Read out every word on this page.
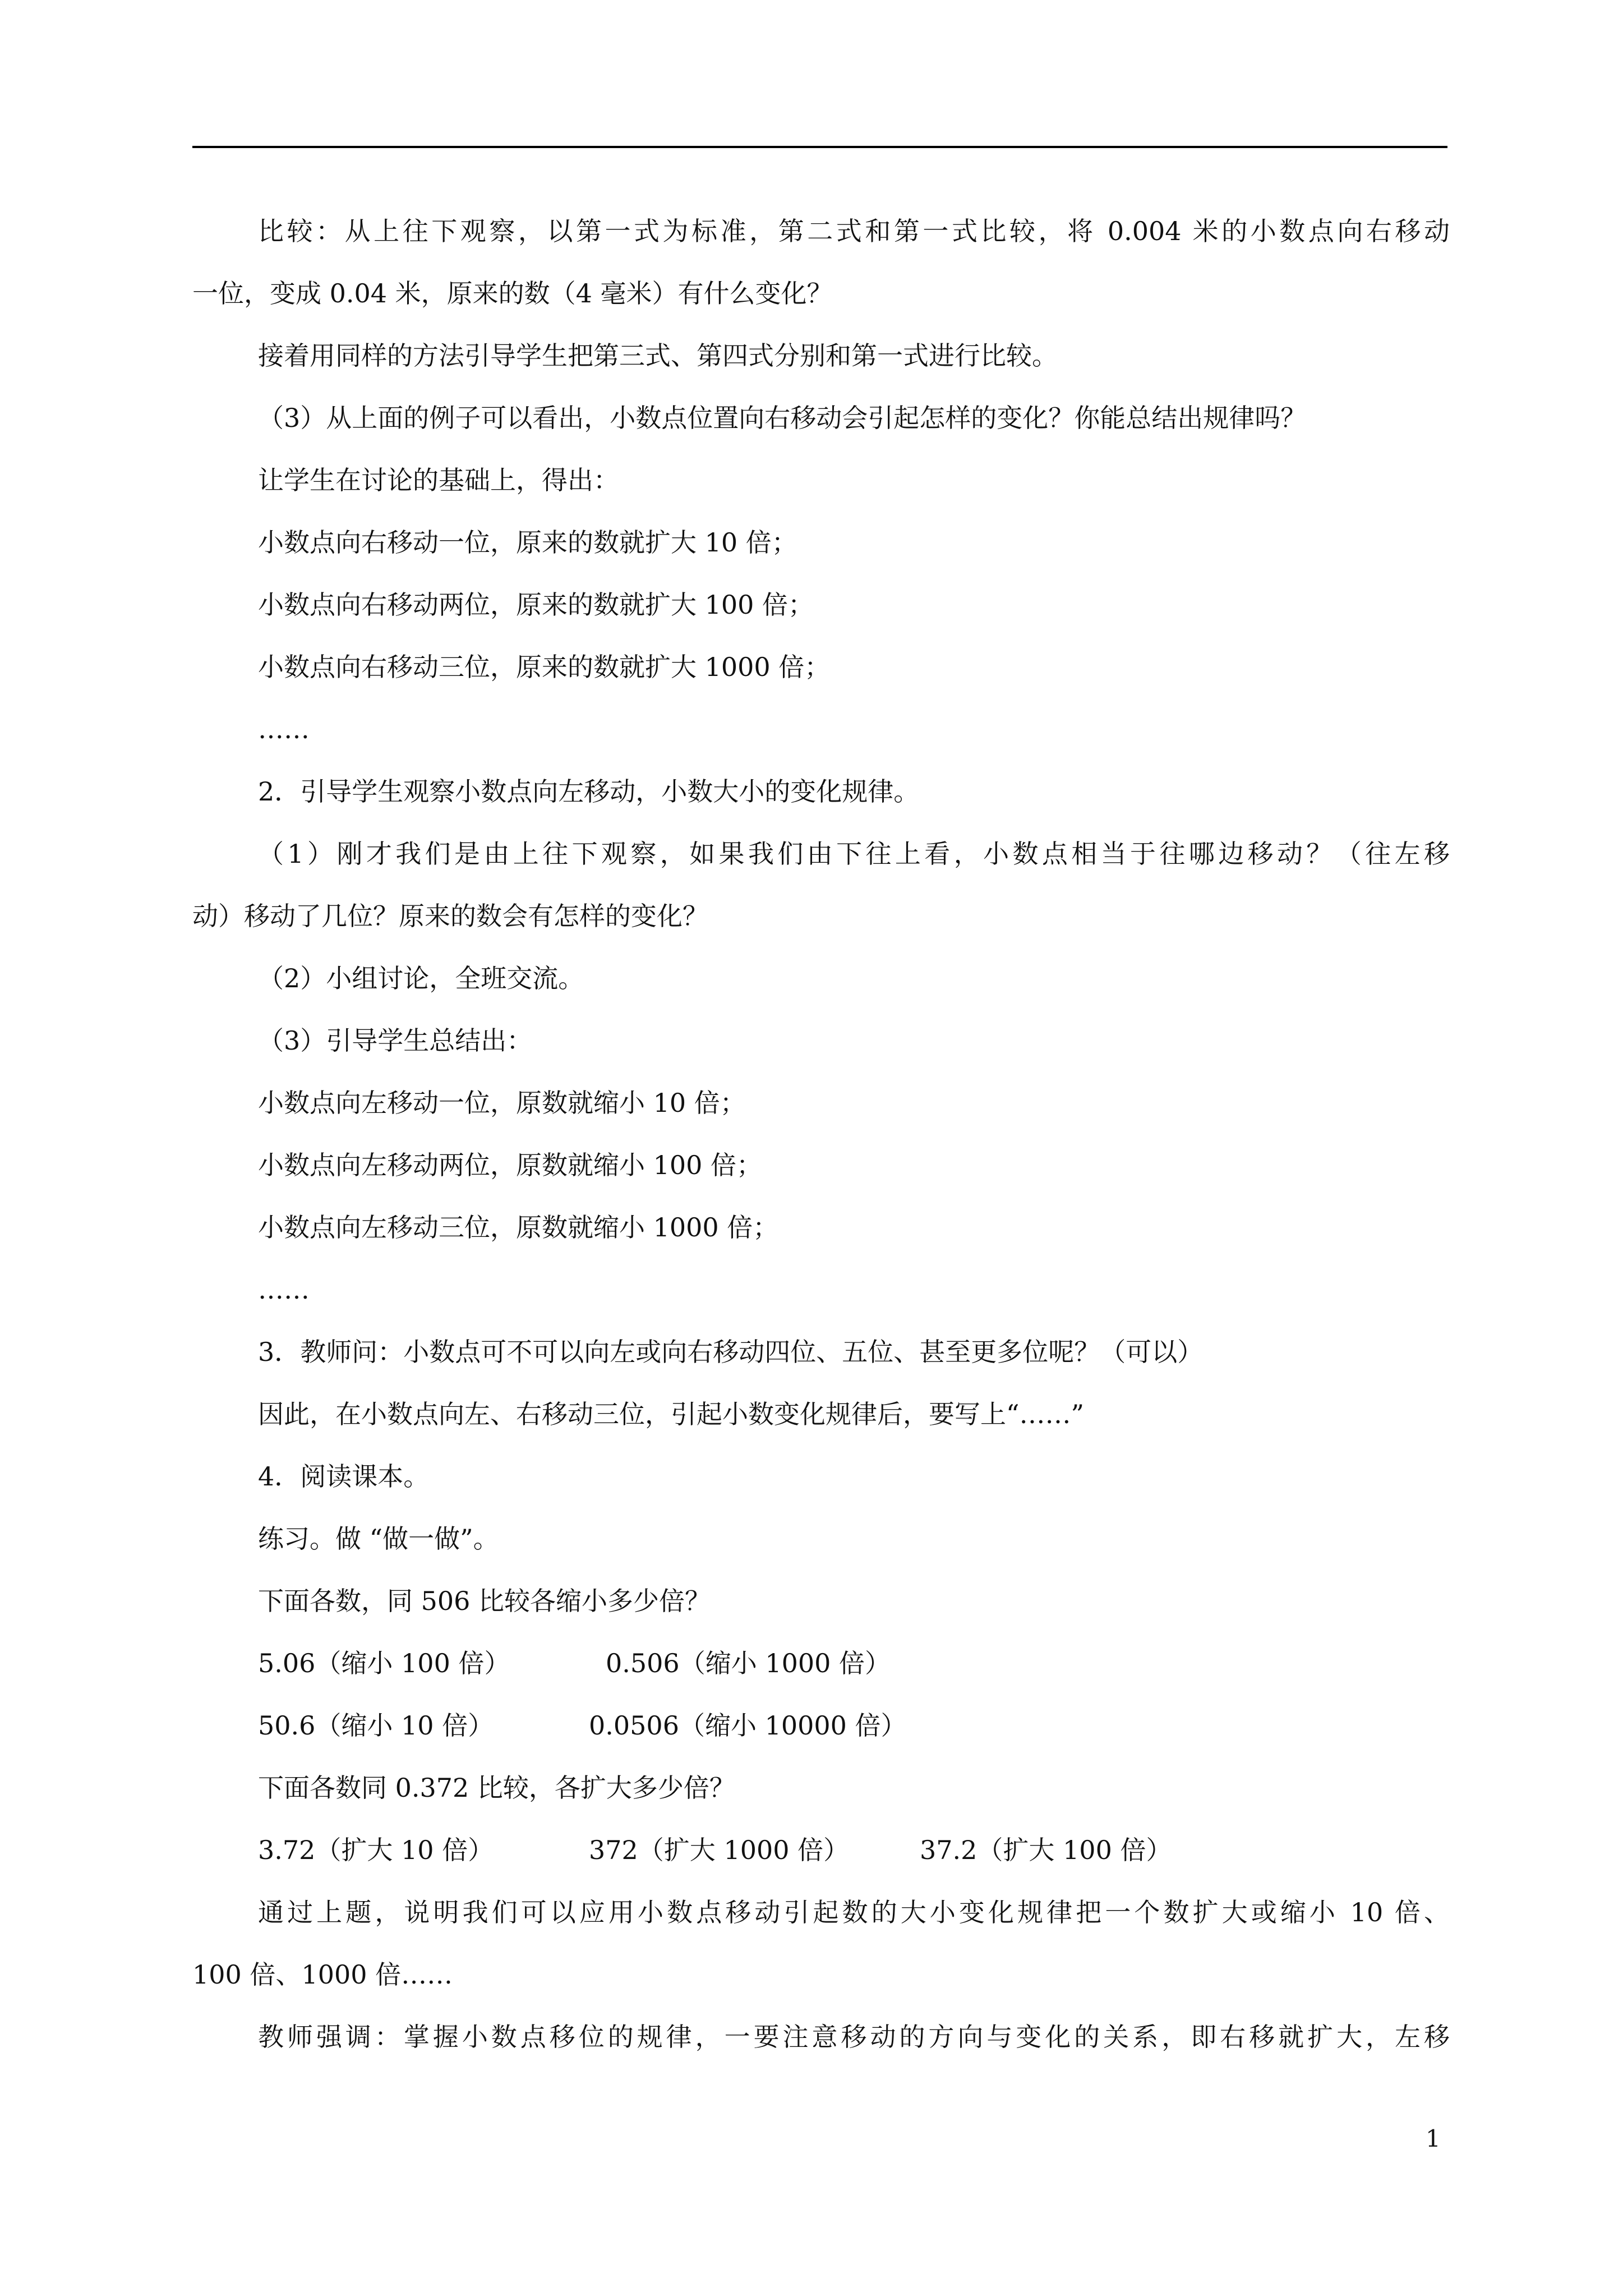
比较：从上往下观察，以第一式为标准，第二式和第一式比较，将 0.004 米的小数点向右移动
一位，变成 0.04 米，原来的数（4 毫米）有什么变化？
接着用同样的方法引导学生把第三式、第四式分别和第一式进行比较。
（3）从上面的例子可以看出，小数点位置向右移动会引起怎样的变化？你能总结出规律吗？
让学生在讨论的基础上，得出：
小数点向右移动一位，原来的数就扩大 10 倍；
小数点向右移动两位，原来的数就扩大 100 倍；
小数点向右移动三位，原来的数就扩大 1000 倍；
……
2．引导学生观察小数点向左移动，小数大小的变化规律。
（1）刚才我们是由上往下观察，如果我们由下往上看，小数点相当于往哪边移动？（往左移
动）移动了几位？原来的数会有怎样的变化？
（2）小组讨论，全班交流。
（3）引导学生总结出：
小数点向左移动一位，原数就缩小 10 倍；
小数点向左移动两位，原数就缩小 100 倍；
小数点向左移动三位，原数就缩小 1000 倍；
……
3．教师问：小数点可不可以向左或向右移动四位、五位、甚至更多位呢？（可以）
因此，在小数点向左、右移动三位，引起小数变化规律后，要写上“……”
4．阅读课本。
练习。做 “做一做”。
下面各数，同 506 比较各缩小多少倍？
5.06（缩小 100 倍）	0.506（缩小 1000 倍）
50.6（缩小 10 倍）	0.0506（缩小 10000 倍）
下面各数同 0.372 比较，各扩大多少倍？
3.72（扩大 10 倍）	372（扩大 1000 倍）	37.2（扩大 100 倍）
通过上题，说明我们可以应用小数点移动引起数的大小变化规律把一个数扩大或缩小 10 倍、
100 倍、1000 倍……
教师强调：掌握小数点移位的规律，一要注意移动的方向与变化的关系，即右移就扩大，左移
1
